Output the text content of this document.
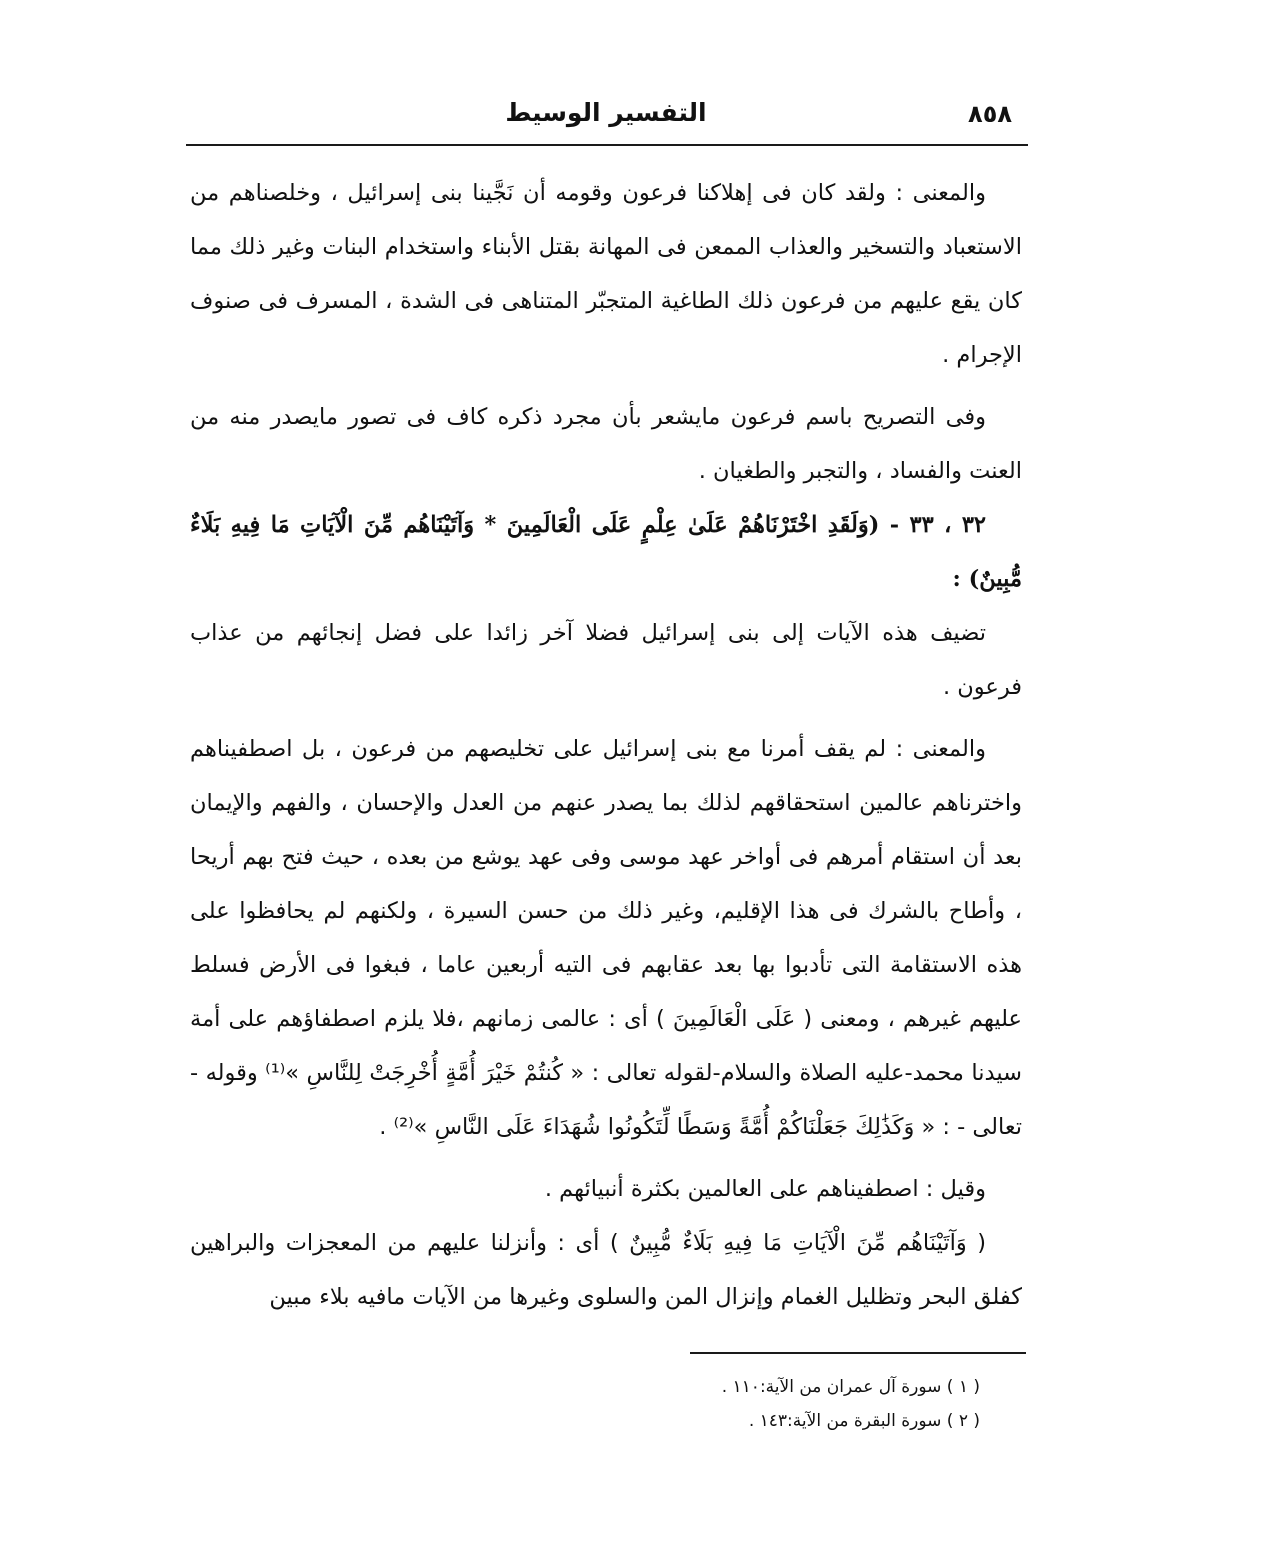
٨٥٨
التفسير الوسيط

والمعنى : ولقد كان فى إهلاكنا فرعون وقومه أن نَجَّينا بنى إسرائيل ، وخلصناهم من الاستعباد والتسخير والعذاب الممعن فى المهانة بقتل الأبناء واستخدام البنات وغير ذلك مما كان يقع عليهم من فرعون ذلك الطاغية المتجبّر المتناهى فى الشدة ، المسرف فى صنوف الإجرام .

وفى التصريح باسم فرعون مايشعر بأن مجرد ذكره كاف فى تصور مايصدر منه من العنت والفساد ، والتجبر والطغيان .

٣٢ ، ٣٣ - (وَلَقَدِ اخْتَرْنَاهُمْ عَلَىٰ عِلْمٍ عَلَى الْعَالَمِينَ * وَآتَيْنَاهُم مِّنَ الْآيَاتِ مَا فِيهِ بَلَاءٌ مُّبِينٌ) :

تضيف هذه الآيات إلى بنى إسرائيل فضلا آخر زائدا على فضل إنجائهم من عذاب فرعون .

والمعنى : لم يقف أمرنا مع بنى إسرائيل على تخليصهم من فرعون ، بل اصطفيناهم واخترناهم عالمين استحقاقهم لذلك بما يصدر عنهم من العدل والإحسان ، والفهم والإيمان بعد أن استقام أمرهم فى أواخر عهد موسى وفى عهد يوشع من بعده ، حيث فتح بهم أريحا ، وأطاح بالشرك فى هذا الإقليم، وغير ذلك من حسن السيرة ، ولكنهم لم يحافظوا على هذه الاستقامة التى تأدبوا بها بعد عقابهم فى التيه أربعين عاما ، فبغوا فى الأرض فسلط عليهم غيرهم ، ومعنى ( عَلَى الْعَالَمِينَ ) أى : عالمى زمانهم ،فلا يلزم اصطفاؤهم على أمة سيدنا محمد-عليه الصلاة والسلام-لقوله تعالى : « كُنتُمْ خَيْرَ أُمَّةٍ أُخْرِجَتْ لِلنَّاسِ »⁽¹⁾ وقوله - تعالى - : « وَكَذَٰلِكَ جَعَلْنَاكُمْ أُمَّةً وَسَطًا لِّتَكُونُوا شُهَدَاءَ عَلَى النَّاسِ »⁽²⁾ .

وقيل : اصطفيناهم على العالمين بكثرة أنبيائهم .

( وَآتَيْنَاهُم مِّنَ الْآيَاتِ مَا فِيهِ بَلَاءٌ مُّبِينٌ ) أى : وأنزلنا عليهم من المعجزات والبراهين كفلق البحر وتظليل الغمام وإنزال المن والسلوى وغيرها من الآيات مافيه بلاء مبين

( ١ ) سورة آل عمران من الآية:١١٠ .
( ٢ ) سورة البقرة من الآية:١٤٣ .
